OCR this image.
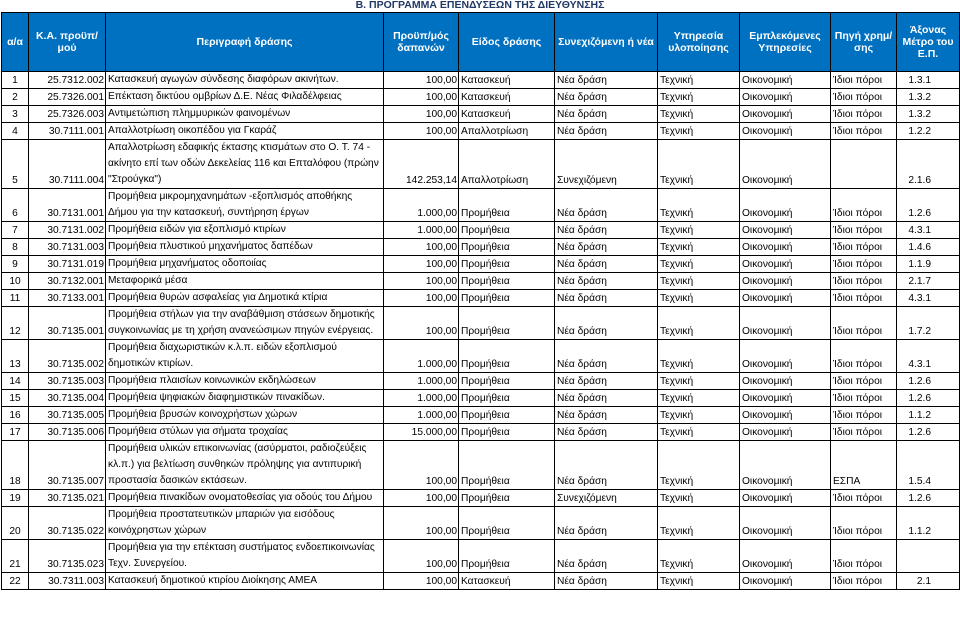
Β. ΠΡΟΓΡΑΜΜΑ ΕΠΕΝΔΥΣΕΩΝ ΤΗΣ ΔΙΕΥΘΥΝΣΗΣ
α/α	Κ.Α. προϋπ/μού	Περιγραφή δράσης	Προϋπ/μός δαπανών	Είδος δράσης	Συνεχιζόμενη ή νέα	Υπηρεσία υλοποίησης	Εμπλεκόμενες Υπηρεσίες	Πηγή χρημ/σης	Άξονας Μέτρο του Ε.Π.
1	25.7312.002	Κατασκευή αγωγών σύνδεσης διαφόρων ακινήτων.	100,00	Κατασκευή	Νέα δράση	Τεχνική	Οικονομική	Ίδιοι πόροι	1.3.1
2	25.7326.001	Επέκταση δικτύου ομβρίων Δ.Ε. Νέας Φιλαδέλφειας	100,00	Κατασκευή	Νέα δράση	Τεχνική	Οικονομική	Ίδιοι πόροι	1.3.2
3	25.7326.003	Αντιμετώπιση πλημμυρικών φαινομένων	100,00	Κατασκευή	Νέα δράση	Τεχνική	Οικονομική	Ίδιοι πόροι	1.3.2
4	30.7111.001	Απαλλοτρίωση οικοπέδου για Γκαράζ	100,00	Απαλλοτρίωση	Νέα δράση	Τεχνική	Οικονομική	Ίδιοι πόροι	1.2.2
5	30.7111.004	Απαλλοτρίωση εδαφικής έκτασης κτισμάτων στο Ο. Τ. 74 - ακίνητο επί των οδών Δεκελείας 116 και Επταλόφου (πρώην "Στρούγκα")	142.253,14	Απαλλοτρίωση	Συνεχιζόμενη	Τεχνική	Οικονομική		2.1.6
6	30.7131.001	Προμήθεια μικρομηχανημάτων -εξοπλισμός αποθήκης Δήμου για την κατασκευή, συντήρηση έργων	1.000,00	Προμήθεια	Νέα δράση	Τεχνική	Οικονομική	Ίδιοι πόροι	1.2.6
7	30.7131.002	Προμήθεια ειδών για εξοπλισμό κτιρίων	1.000,00	Προμήθεια	Νέα δράση	Τεχνική	Οικονομική	Ίδιοι πόροι	4.3.1
8	30.7131.003	Προμήθεια πλυστικού μηχανήματος δαπέδων	100,00	Προμήθεια	Νέα δράση	Τεχνική	Οικονομική	Ίδιοι πόροι	1.4.6
9	30.7131.019	Προμήθεια μηχανήματος οδοποιίας	100,00	Προμήθεια	Νέα δράση	Τεχνική	Οικονομική	Ίδιοι πόροι	1.1.9
10	30.7132.001	Μεταφορικά μέσα	100,00	Προμήθεια	Νέα δράση	Τεχνική	Οικονομική	Ίδιοι πόροι	2.1.7
11	30.7133.001	Προμήθεια θυρών ασφαλείας για Δημοτικά κτίρια	100,00	Προμήθεια	Νέα δράση	Τεχνική	Οικονομική	Ίδιοι πόροι	4.3.1
12	30.7135.001	Προμήθεια στήλων για την αναβάθμιση στάσεων δημοτικής συγκοινωνίας με τη χρήση ανανεώσιμων πηγών ενέργειας.	100,00	Προμήθεια	Νέα δράση	Τεχνική	Οικονομική	Ίδιοι πόροι	1.7.2
13	30.7135.002	Προμήθεια διαχωριστικών κ.λ.π. ειδών εξοπλισμού δημοτικών κτιρίων.	1.000,00	Προμήθεια	Νέα δράση	Τεχνική	Οικονομική	Ίδιοι πόροι	4.3.1
14	30.7135.003	Προμήθεια πλαισίων κοινωνικών εκδηλώσεων	1.000,00	Προμήθεια	Νέα δράση	Τεχνική	Οικονομική	Ίδιοι πόροι	1.2.6
15	30.7135.004	Προμήθεια ψηφιακών διαφημιστικών πινακίδων.	1.000,00	Προμήθεια	Νέα δράση	Τεχνική	Οικονομική	Ίδιοι πόροι	1.2.6
16	30.7135.005	Προμήθεια βρυσών κοινοχρήστων χώρων	1.000,00	Προμήθεια	Νέα δράση	Τεχνική	Οικονομική	Ίδιοι πόροι	1.1.2
17	30.7135.006	Προμήθεια στύλων για σήματα τροχαίας	15.000,00	Προμήθεια	Νέα δράση	Τεχνική	Οικονομική	Ίδιοι πόροι	1.2.6
18	30.7135.007	Προμήθεια υλικών επικοινωνίας (ασύρματοι, ραδιοζεύξεις κλ.π.) για βελτίωση συνθηκών πρόληψης για αντιπυρική προστασία δασικών εκτάσεων.	100,00	Προμήθεια	Νέα δράση	Τεχνική	Οικονομική	ΕΣΠΑ	1.5.4
19	30.7135.021	Προμήθεια πινακίδων ονοματοθεσίας για οδούς του Δήμου	100,00	Προμήθεια	Συνεχιζόμενη	Τεχνική	Οικονομική	Ίδιοι πόροι	1.2.6
20	30.7135.022	Προμήθεια προστατευτικών μπαριών για εισόδους κοινόχρηστων χώρων	100,00	Προμήθεια	Νέα δράση	Τεχνική	Οικονομική	Ίδιοι πόροι	1.1.2
21	30.7135.023	Προμήθεια για την επέκταση συστήματος ενδοεπικοινωνίας Τεχν. Συνεργείου.	100,00	Προμήθεια	Νέα δράση	Τεχνική	Οικονομική	Ίδιοι πόροι	
22	30.7311.003	Κατασκευή δημοτικού κτιρίου Διοίκησης ΑΜΕΑ	100,00	Κατασκευή	Νέα δράση	Τεχνική	Οικονομική	Ίδιοι πόροι	2.1
